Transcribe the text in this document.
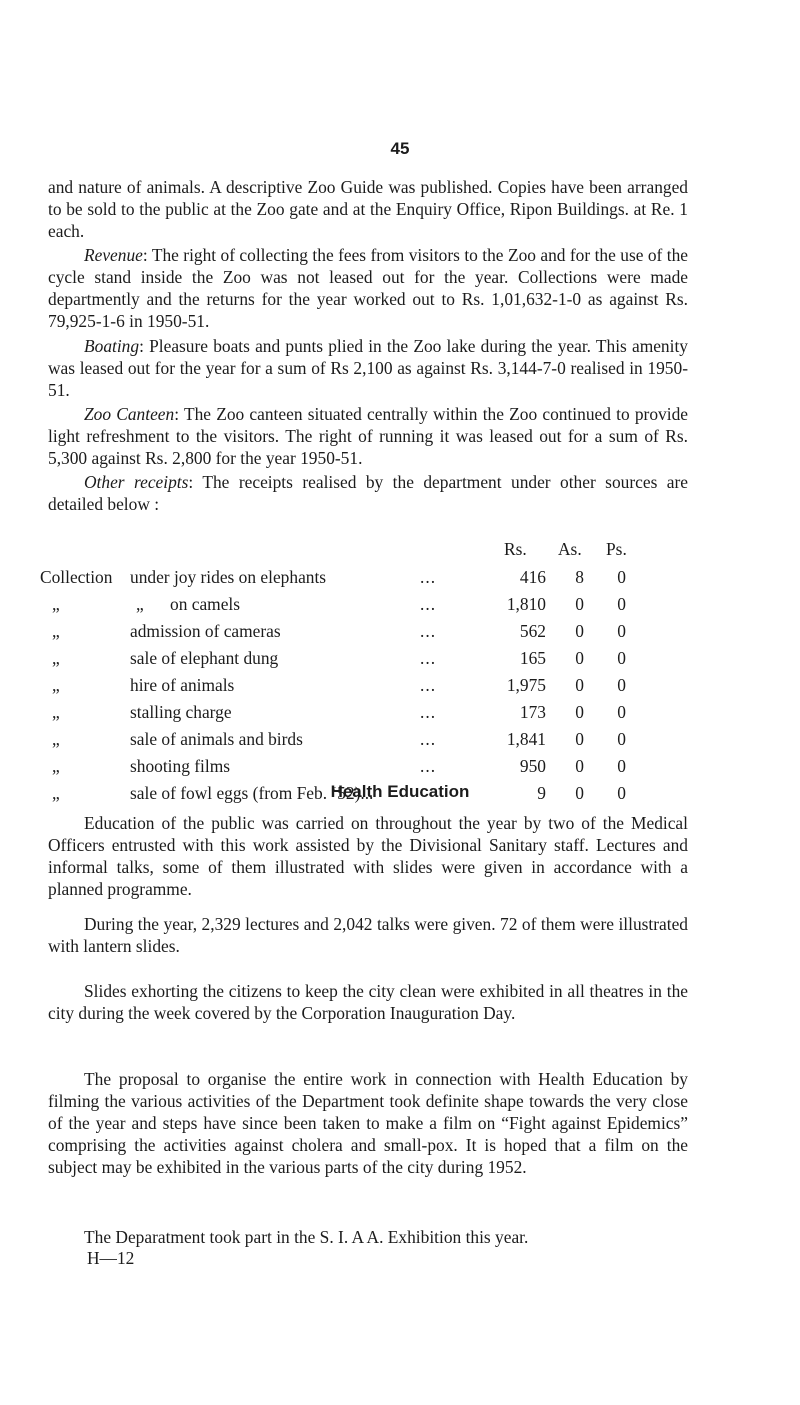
45

and nature of animals. A descriptive Zoo Guide was published. Copies have been arranged to be sold to the public at the Zoo gate and at the Enquiry Office, Ripon Buildings. at Re. 1 each.

Revenue: The right of collecting the fees from visitors to the Zoo and for the use of the cycle stand inside the Zoo was not leased out for the year. Collections were made departmently and the returns for the year worked out to Rs. 1,01,632-1-0 as against Rs. 79,925-1-6 in 1950-51.

Boating: Pleasure boats and punts plied in the Zoo lake during the year. This amenity was leased out for the year for a sum of Rs 2,100 as against Rs. 3,144-7-0 realised in 1950-51.

Zoo Canteen: The Zoo canteen situated centrally within the Zoo continued to provide light refreshment to the visitors. The right of running it was leased out for a sum of Rs. 5,300 against Rs. 2,800 for the year 1950-51.

Other receipts: The receipts realised by the department under other sources are detailed below :

Rs. As. Ps.
Collection under joy rides on elephants	...	416	8	0
„	„ on camels	...	1,810	0	0
„	admission of cameras	...	562	0	0
„	sale of elephant dung	...	165	0	0
„	hire of animals	...	1,975	0	0
„	stalling charge	...	173	0	0
„	sale of animals and birds	...	1,841	0	0
„	shooting films	...	950	0	0
„	sale of fowl eggs (from Feb. ‘52)...	9	0	0
Health Education

Education of the public was carried on throughout the year by two of the Medical Officers entrusted with this work assisted by the Divisional Sanitary staff. Lectures and informal talks, some of them illustrated with slides were given in accordance with a planned programme.

During the year, 2,329 lectures and 2,042 talks were given. 72 of them were illustrated with lantern slides.

Slides exhorting the citizens to keep the city clean were exhibited in all theatres in the city during the week covered by the Corporation Inauguration Day.

The proposal to organise the entire work in connection with Health Education by filming the various activities of the Department took definite shape towards the very close of the year and steps have since been taken to make a film on “Fight against Epidemics” comprising the activities against cholera and small-pox. It is hoped that a film on the subject may be exhibited in the various parts of the city during 1952.

The Deparatment took part in the S. I. A A. Exhibition this year.

H—12
